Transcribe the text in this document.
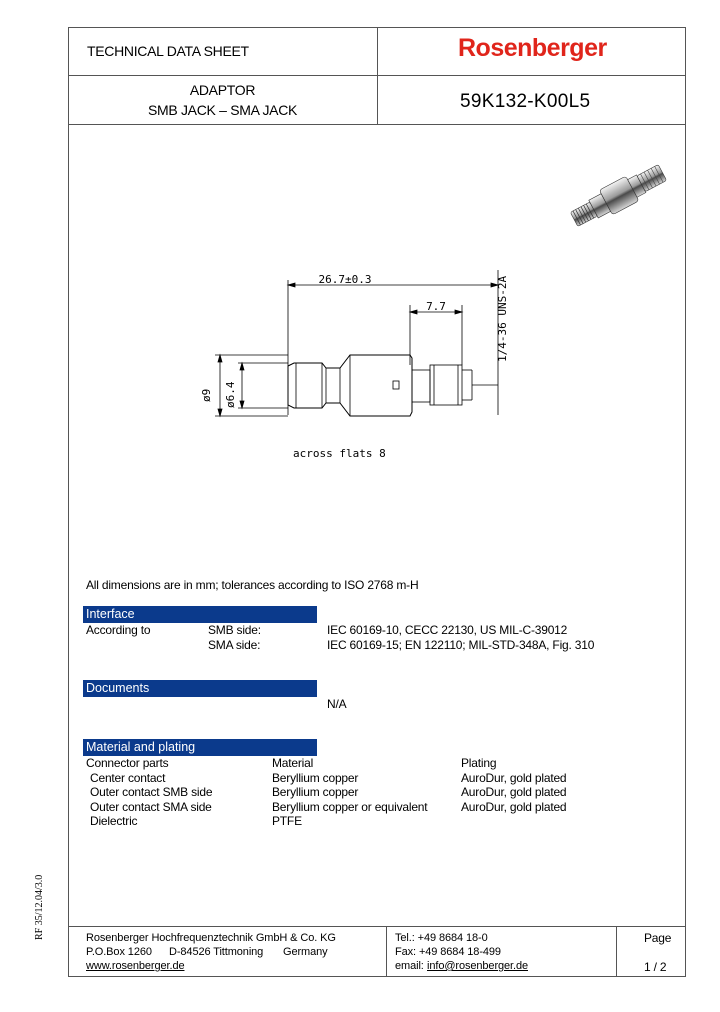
TECHNICAL DATA SHEET	Rosenberger
ADAPTOR
SMB JACK – SMA JACK	59K132-K00L5
26.7±0.3
7.7	1/4-36 UNS-2A
ø9 ø6.4
across flats 8
All dimensions are in mm; tolerances according to ISO 2768 m-H
Interface
According to	SMB side:	IEC 60169-10, CECC 22130, US MIL-C-39012
SMA side:	IEC 60169-15; EN 122110; MIL-STD-348A, Fig. 310
Documents
N/A
Material and plating
Connector parts	Material	Plating
Center contact	Beryllium copper	AuroDur, gold plated
Outer contact SMB side	Beryllium copper	AuroDur, gold plated
Outer contact SMA side	Beryllium copper or equivalent	AuroDur, gold plated
Dielectric	PTFE
Rosenberger Hochfrequenztechnik GmbH & Co. KG
P.O.Box 1260 D-84526 Tittmoning Germany
www.rosenberger.de
Tel.: +49 8684 18-0
Fax: +49 8684 18-499
email: info@rosenberger.de
Page
1 / 2
RF 35/12.04/3.0
